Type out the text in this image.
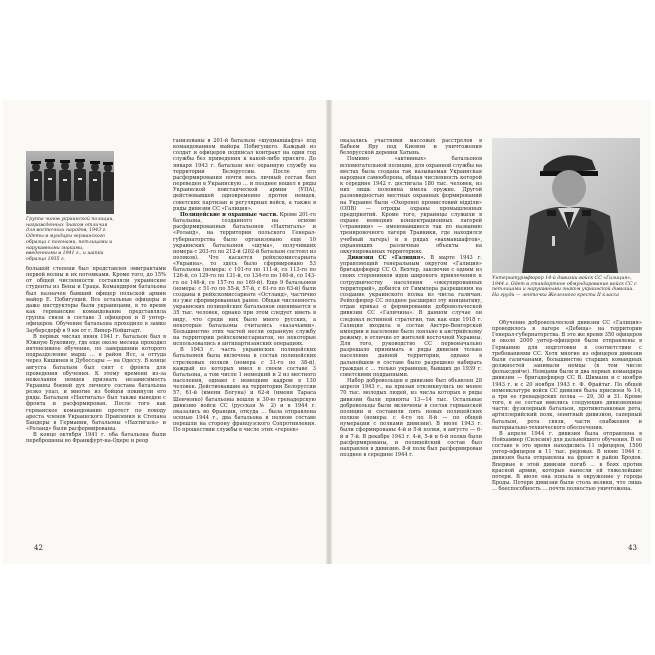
Группа чинов украинской полиции, награжденных Знаком отличия для восточных народов, 1943 г. Одеты в мундиры германского образца с погонами, петлицами и нарукавными знаками, введенными в 1941 г., и шапки образца 1935 г.

большой степени был представлен эмигрантами первой волны и их потомками. Кроме того, до 15% от общей численности составляли украинские студенты из Вены и Граца. Командиром батальона был назначен бывший офицер польской армии майор Е. Побигущий. Все остальные офицеры и даже инструкторы были украинцами, в то время как германские командование представляла группа связи в составе 3 офицеров и 8 унтер-офицеров. Обучение батальона проходило в замке Зауберсдорф в 9 км от г. Винер-Нойштадт.

В первых числах июня 1941 г. батальон был в Южную Буковину, где еще около месяца проходил интенсивное обучение, по завершении которого подразделение марш ... в район Ясс, а оттуда через Кишинев и Дубоссары — на Одессу. В конце августа батальон был снят с фронта для проведения обучения. К этому времени из-за нежелания немцев признать независимость Украины боевой дух личного состава батальона резко упал, и многие из бойцов покинули его ряды. Батальон «Нахтигаль» был также выведен с фронта и расформирован. После того как германское командование протест по поводу ареста членов Украинского Правления и Степана Бандеры в Германии, батальоны «Нахтигаль» и «Роланд» были расформированы.

В конце октября 1941 г. оба батальона были переброшены во Франкфурт-на-Одере и реор

ганизованы в 201-й батальон «шуцманшафта» под командованием майора Побигущего. Каждый из солдат и офицеров подписал контракт на один год службы без приведения к какой-либо присяге. До января 1943 г. батальон нес охранную службу на территории Белоруссии. После его расформирования почти весь личный состав был переведен в Украинскую ... и позднее вошел в ряды Украинской повстанческой армии (УПА), действовавшей одновременно против немцев, советских партизан и регулярных войск, а также в ряды дивизии СС «Галиция».

Полицейские и охранные части. Кроме 201-го батальона, созданного на основе расформированных батальонов «Нахтигаль» и «Роланд», на территории польского Генерал-губернаторства было организовано еще 10 украинских батальонов «шума», получивших номера с 203-го по 212-й (202-й батальон состоял из поляков). Что касается рейхскомиссариата «Украина», то здесь было сформировано 53 батальона (номера: с 101-го по 111-й, со 113-го по 126-й, со 129-го по 131-й, со 134-го по 140-й, со 143-го по 146-й, со 157-го по 169-й). Еще 9 батальонов (номера: с 51-го по 55-й, 57-й, с 61-го по 63-й) были созданы в рейхскомиссариате «Остланд», частично из уже сформированных ранее. Общая численность украинских полицейских батальонов оценивается в 35 тыс. человек, однако при этом следует иметь в виду, что среди них было много русских, а некоторые батальоны считались «казачьими». Большинство этих частей несли охранную службу на территории рейхскомиссариатов, но некоторые использовались в антипартизанских операциях.

В 1943 г. часть украинских полицейских батальонов была включена в состав полицейских стрелковых полков (номера с 31-го по 38-й), каждый из которых имел в своем составе 3 батальона, а том числе 1 немецкий и 2 из местного населения, однако с немецким кадром в 130 человек. Действовавшие на территории Белоруссии 57, 61-й (имени Богуна) и 62-й (имени Тараса Шевченко) батальоны вошли в 30-ю гренадерскую дивизию войск СС (русская № 2) и в 1944 г. оказались во Франции, откуда ... была отправлена осенью 1944 г., два батальона в полном составе перешли на сторону французского Сопротивления. По прошествии службы в числе этих «героев»

42

оказались участники массовых расстрелов в Бабьем Яру под Киевом и уничтожения белорусской деревни Хатынь.

Помимо «активных» батальонов вспомогательной полиции, для охранной службы на местах была создана так называемая Украинская народная самооборона, общая численность которой к середине 1942 г. достигала 180 тыс. человек, из них лишь половина имела оружие. Другой разновидностью местных охранных формирований на Украине были «Охоронні промисловий відділи» (ОПВ) — отряды охраны промышленных предприятий. Кроме того, украинцы служили в охране немецких концентрационных лагерей («травники» — именовавшиеся так по названию тренировочного лагеря Травники, где находился учебный лагерь) и в рядах «вахманшафтов», охранявших различные объекты на оккупированных территориях.

Дивизия СС «Галиция». В марте 1943 г. управляющий генеральным округом «Галиция» бригадефюрер СС О. Вехтер, заключив с одним из своих сторонников идеи широкого привлечения к сотрудничеству населения «оккупированных территорий», добился от Гиммлера разрешения на создание украинского полка из числа галичан. Рейхсфюрер СС позднее расширил эту инициативу, отдав приказ о формировании добровольческой дивизии СС «Галичина». В данном случае он следовал истинной стратегии, так как еще 1918 г. Галиция входила в состав Австро-Венгерской империи и население было лояльно к австрийскому режиму, в отличие от жителей восточной Украины. Для того, руководство СС первоначально разрешало принимать в ряды дивизии только население данной территории, однако в дальнейшем в составе было разрешено набирать граждан с ... только украинцев, бывших до 1939 г. советскими подданными.

Набор добровольцев в дивизию был объявлен 28 апреля 1943 г., на призыв откликнулись не менее 70 тыс. молодых людей, из числа которых в ряды дивизии были приняты 13—14 тыс. Остальные добровольцы были включены в состав германской полиции и составили пять новых полицейских полков (номера: с 4-го по 8-й — по общей нумерации с полками дивизии). В июле 1943 г. были сформированы 4-й и 5-й полки, в августе — 6-й и 7-й. В декабре 1943 г. 4-й, 5-й и 6-й полки были расформированы, и полицейский состав был направлен в дивизию. 8-й полк был расформирован позднее в середине 1944 г.

Унтерштурмфюрер 14-й дивизии войск СС «Галиция», 1944 г. Одет в стандартное обмундирование войск СС с петлицами и нарукавными знаком украинской дивизии. На груди — ленточка Железного креста II класса

Обучение добровольческой дивизии СС «Галиция» проводилось в лагере «Дебица» на территории Генерал-губернаторства. В это же время 350 офицеров и около 2000 унтер-офицеров были отправлены в Германию для подготовки в соответствии с требованиями СС. Хотя многие из офицеров дивизии были галичанами, большинство старших командных должностей занимали немцы (в том числе фольксдойче). Немцами были и два первых командира дивизии — бригадефюрер СС В. Шиманн и с ноября 1943 г. и с 20 ноября 1943 г. Ф. Фрайтаг. По общей номенклатуре войск СС дивизия была присвоен № 14, а три ее гренадерских полка — 29, 30 и 31. Кроме того, в ее состав имелись следующие дивизионные части: фузилерный батальон, противотанковая рота, артиллерийский полк, зенитный дивизион, саперный батальон, рота связи, части снабжения и материально-технического обеспечения.

В апреле 1944 г. дивизия была отправлена в Нойхаммер (Силезия) для дальнейшего обучения. В ее составе в это время находились 11 офицеров, 1500 унтер-офицеров и 11 тыс. рядовых. В июне 1944 г. дивизия была отправлена на фронт в район Бродов. Впервые в этой дивизии погиб ... в боях против красной армии, которые нанесли ей тяжелейшие потери. В июле она попала в окружение у города Броды. Потери дивизии были столь велики, что лишь ... боеспособность ... почти полностью уничтожена.

43
